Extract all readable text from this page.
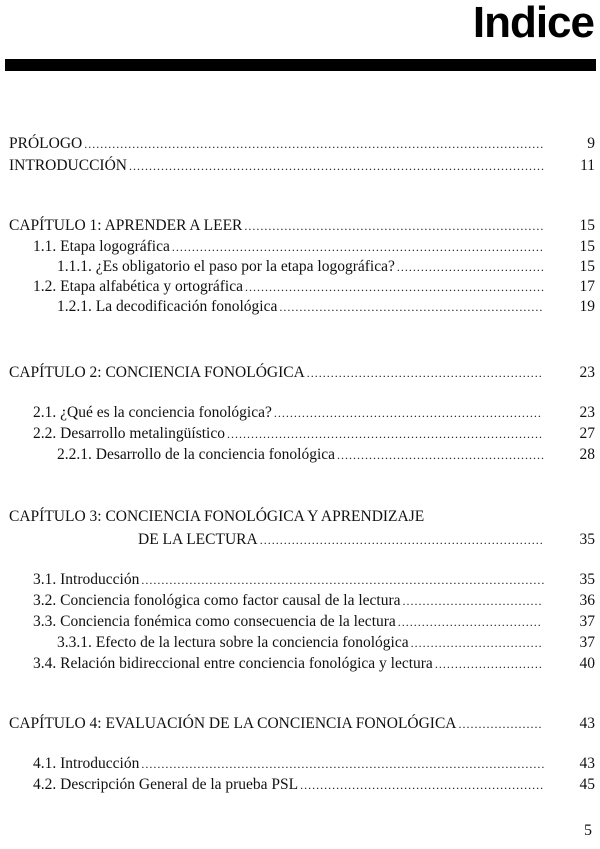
Indice
PRÓLOGO ...................................................................................................................	9
INTRODUCCIÓN ........................................................................................................	11
CAPÍTULO 1: APRENDER A LEER ...........................................................................	15
1.1. Etapa logográfica .............................................................................................	15
1.1.1. ¿Es obligatorio el paso por la etapa logográfica? .....................................	15
1.2. Etapa alfabética y ortográfica ...........................................................................	17
1.2.1. La decodificación fonológica ..................................................................	19
CAPÍTULO 2: CONCIENCIA FONOLÓGICA ...........................................................	23
2.1. ¿Qué es la conciencia fonológica? ...................................................................	23
2.2. Desarrollo metalingüístico ...............................................................................	27
2.2.1. Desarrollo de la conciencia fonológica ....................................................	28
CAPÍTULO 3: CONCIENCIA FONOLÓGICA Y APRENDIZAJE
DE LA LECTURA .......................................................................	35
3.1. Introducción .....................................................................................................	35
3.2. Conciencia fonológica como factor causal de la lectura ...................................	36
3.3. Conciencia fonémica como consecuencia de la lectura ....................................	37
3.3.1. Efecto de la lectura sobre la conciencia fonológica .................................	37
3.4. Relación bidireccional entre conciencia fonológica y lectura ...........................	40
CAPÍTULO 4: EVALUACIÓN DE LA CONCIENCIA FONOLÓGICA .....................	43
4.1. Introducción .....................................................................................................	43
4.2. Descripción General de la prueba PSL .............................................................	45
5
